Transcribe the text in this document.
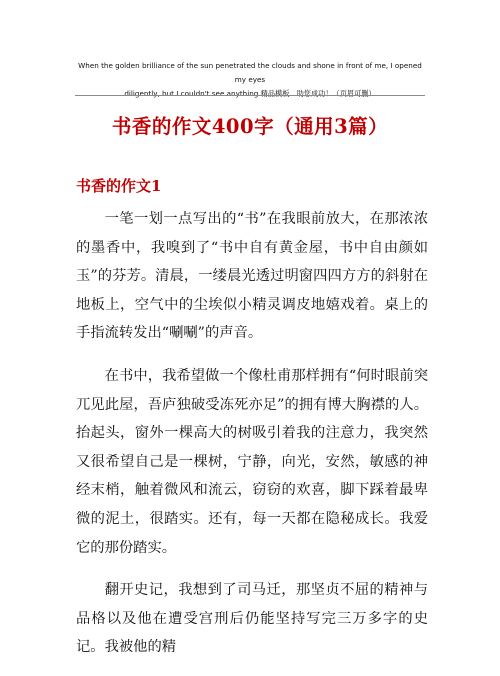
When the golden brilliance of the sun penetrated the clouds and shone in front of me, I opened my eyes
diligently, but I couldn't see anything.精品模板　助您成功！（页眉可删）
书香的作文400字（通用3篇）
书香的作文1

一笔一划一点写出的“书”在我眼前放大，在那浓浓的墨香中，我嗅到了“书中自有黄金屋，书中自由颜如玉”的芬芳。清晨，一缕晨光透过明窗四四方方的斜射在地板上，空气中的尘埃似小精灵调皮地嬉戏着。桌上的手指流转发出“唰唰”的声音。

在书中，我希望做一个像杜甫那样拥有“何时眼前突兀见此屋，吾庐独破受冻死亦足”的拥有博大胸襟的人。抬起头，窗外一棵高大的树吸引着我的注意力，我突然又很希望自己是一棵树，宁静，向光，安然，敏感的神经末梢，触着微风和流云，窃窃的欢喜，脚下踩着最卑微的泥土，很踏实。还有，每一天都在隐秘成长。我爱它的那份踏实。

翻开史记，我想到了司马迁，那坚贞不屈的精神与品格以及他在遭受宫刑后仍能坚持写完三万多字的史记。我被他的精
